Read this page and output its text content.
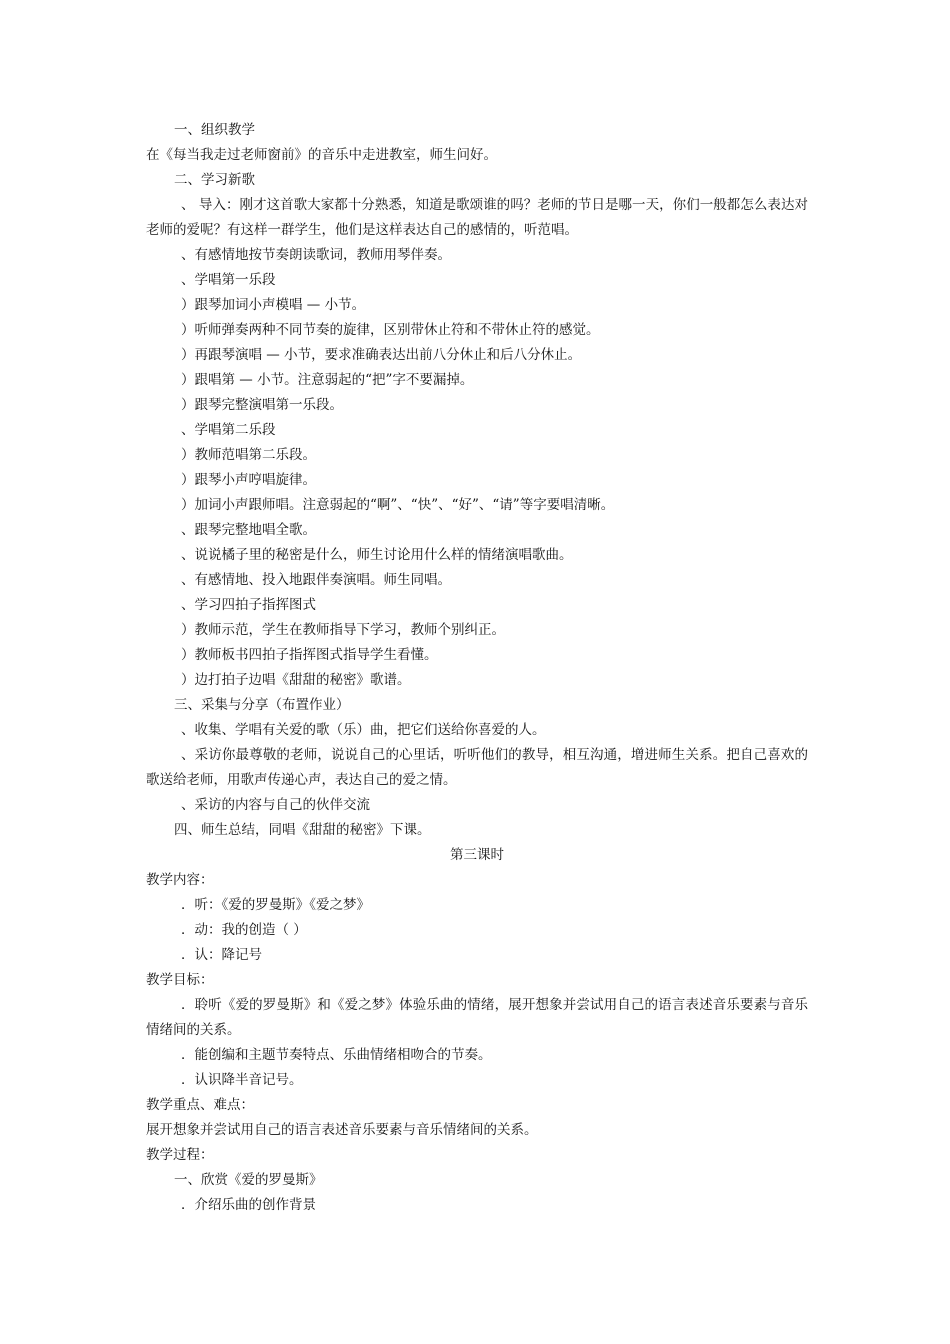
一、组织教学
在《每当我走过老师窗前》的音乐中走进教室，师生问好。
二、学习新歌
、 导入：刚才这首歌大家都十分熟悉，知道是歌颂谁的吗？老师的节日是哪一天，你们一般都怎么表达对老师的爱呢？有这样一群学生，他们是这样表达自己的感情的，听范唱。
、有感情地按节奏朗读歌词，教师用琴伴奏。
、学唱第一乐段
）跟琴加词小声模唱 — 小节。
）听师弹奏两种不同节奏的旋律，区别带休止符和不带休止符的感觉。
）再跟琴演唱 — 小节，要求准确表达出前八分休止和后八分休止。
）跟唱第 — 小节。注意弱起的“把”字不要漏掉。
）跟琴完整演唱第一乐段。
、学唱第二乐段
）教师范唱第二乐段。
）跟琴小声哼唱旋律。
）加词小声跟师唱。注意弱起的“啊”、“快”、“好”、“请”等字要唱清晰。
、跟琴完整地唱全歌。
、说说橘子里的秘密是什么，师生讨论用什么样的情绪演唱歌曲。
、有感情地、投入地跟伴奏演唱。师生同唱。
、学习四拍子指挥图式
）教师示范，学生在教师指导下学习，教师个别纠正。
）教师板书四拍子指挥图式指导学生看懂。
）边打拍子边唱《甜甜的秘密》歌谱。
三、采集与分享（布置作业）
、收集、学唱有关爱的歌（乐）曲，把它们送给你喜爱的人。
、采访你最尊敬的老师，说说自己的心里话，听听他们的教导，相互沟通，增进师生关系。把自己喜欢的歌送给老师，用歌声传递心声，表达自己的爱之情。
、采访的内容与自己的伙伴交流
四、师生总结，同唱《甜甜的秘密》下课。
第三课时
教学内容：
．听：《爱的罗曼斯》《爱之梦》
．动：我的创造（ ）
．认：降记号
教学目标：
．聆听《爱的罗曼斯》和《爱之梦》体验乐曲的情绪，展开想象并尝试用自己的语言表述音乐要素与音乐情绪间的关系。
．能创编和主题节奏特点、乐曲情绪相吻合的节奏。
．认识降半音记号。
教学重点、难点：
展开想象并尝试用自己的语言表述音乐要素与音乐情绪间的关系。
教学过程：
一、欣赏《爱的罗曼斯》
．介绍乐曲的创作背景
